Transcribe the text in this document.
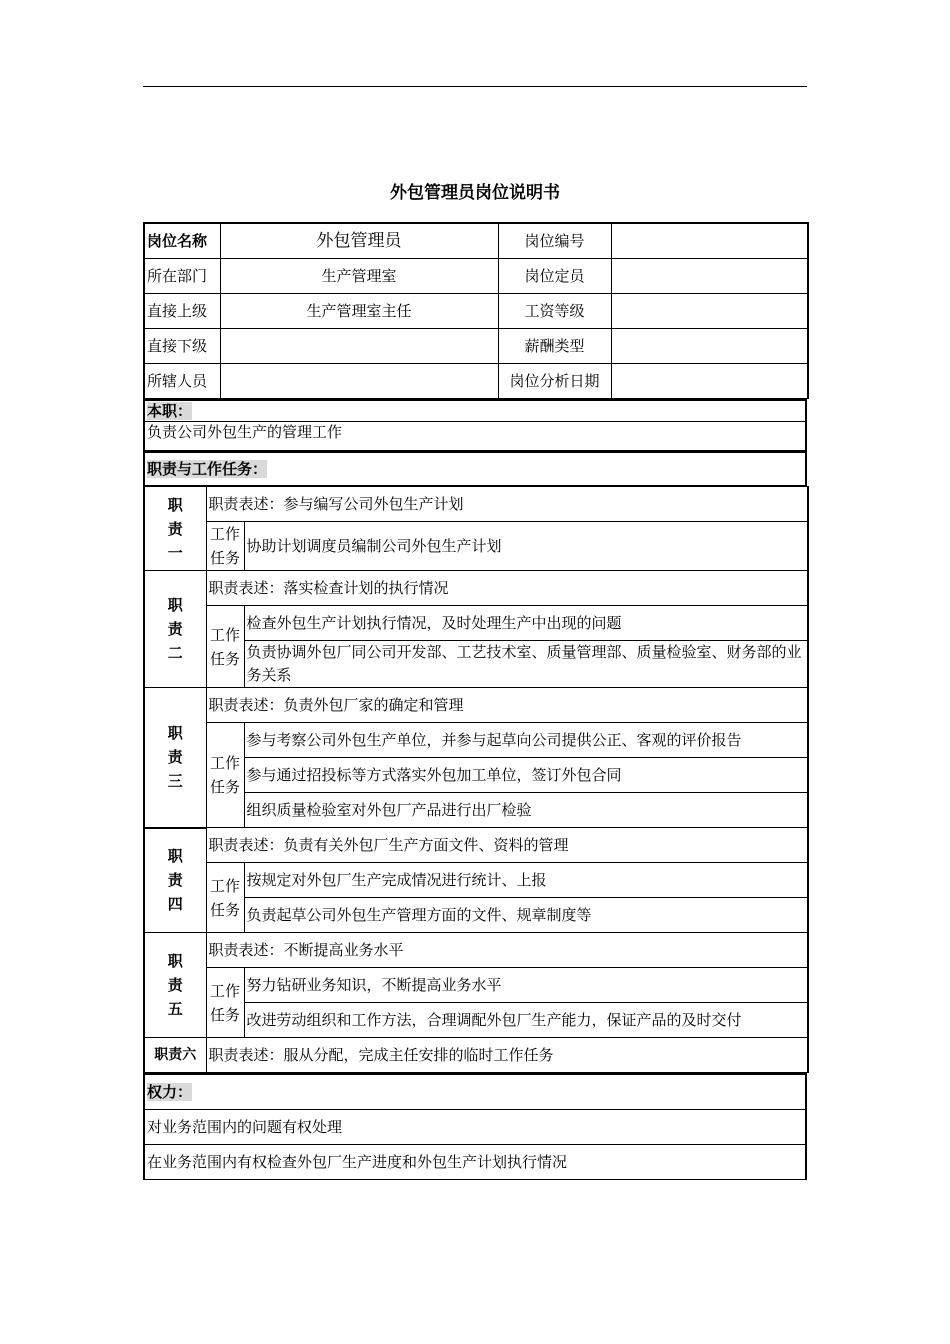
外包管理员岗位说明书
岗位名称	外包管理员	岗位编号	
所在部门	生产管理室	岗位定员	
直接上级	生产管理室主任	工资等级	
直接下级		薪酬类型	
所辖人员		岗位分析日期	
本职：
负责公司外包生产的管理工作
职责与工作任务：
职
责
一	职责表述：参与编写公司外包生产计划	
	工作
任务	协助计划调度员编制公司外包生产计划
职
责
二	职责表述：落实检查计划的执行情况	
	工作
任务	检查外包生产计划执行情况，及时处理生产中出现的问题
		负责协调外包厂同公司开发部、工艺技术室、质量管理部、质量检验室、财务部的业务关系
职
责
三	职责表述：负责外包厂家的确定和管理	
	工作
任务	参与考察公司外包生产单位，并参与起草向公司提供公正、客观的评价报告
		参与通过招投标等方式落实外包加工单位，签订外包合同
		组织质量检验室对外包厂产品进行出厂检验
职
责
四	职责表述：负责有关外包厂生产方面文件、资料的管理	
	工作
任务	按规定对外包厂生产完成情况进行统计、上报
		负责起草公司外包生产管理方面的文件、规章制度等
职
责
五	职责表述：不断提高业务水平	
	工作
任务	努力钻研业务知识，不断提高业务水平
		改进劳动组织和工作方法，合理调配外包厂生产能力，保证产品的及时交付
职责六	职责表述：服从分配，完成主任安排的临时工作任务	
权力：
对业务范围内的问题有权处理
在业务范围内有权检查外包厂生产进度和外包生产计划执行情况
